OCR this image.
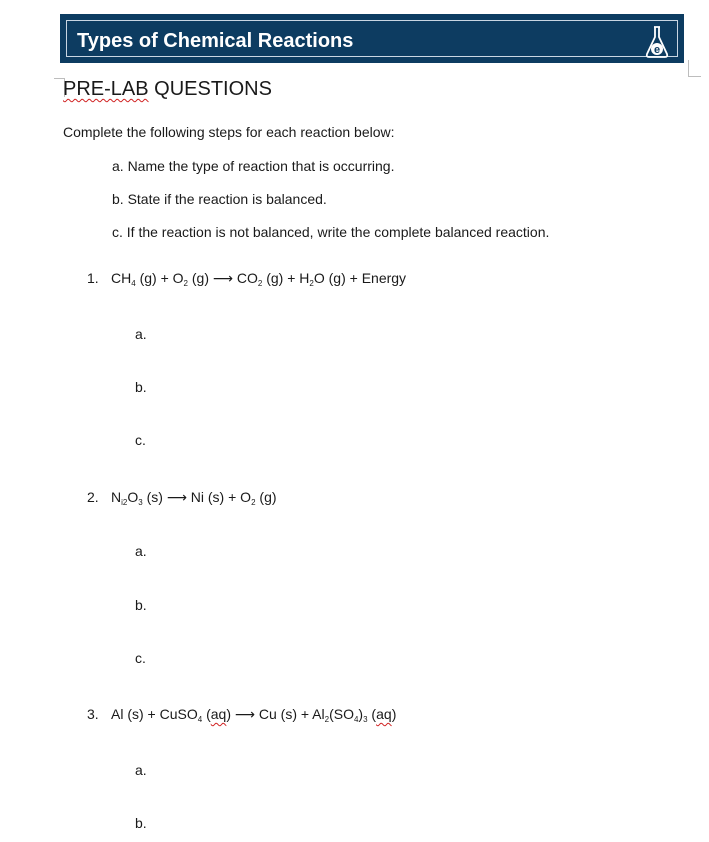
Types of Chemical Reactions	e
PRE-LAB QUESTIONS
Complete the following steps for each reaction below:
a. Name the type of reaction that is occurring.
b. State if the reaction is balanced.
c. If the reaction is not balanced, write the complete balanced reaction.
1. $CH_4$ $(g) + O_2$ (g) ⟶ $CO_2$ $(g) + H_2O$ (g) + Energy
a.
b.
c.
2. $N_{i2}O_3$ (s) ⟶ Ni $(s) + O_2$ (g)
a.
b.
c.
3. Al (s) + CuSO$_4$ (aq) ⟶ Cu $(s) + Al_2(SO_4)_3$ (aq)
a.
b.
